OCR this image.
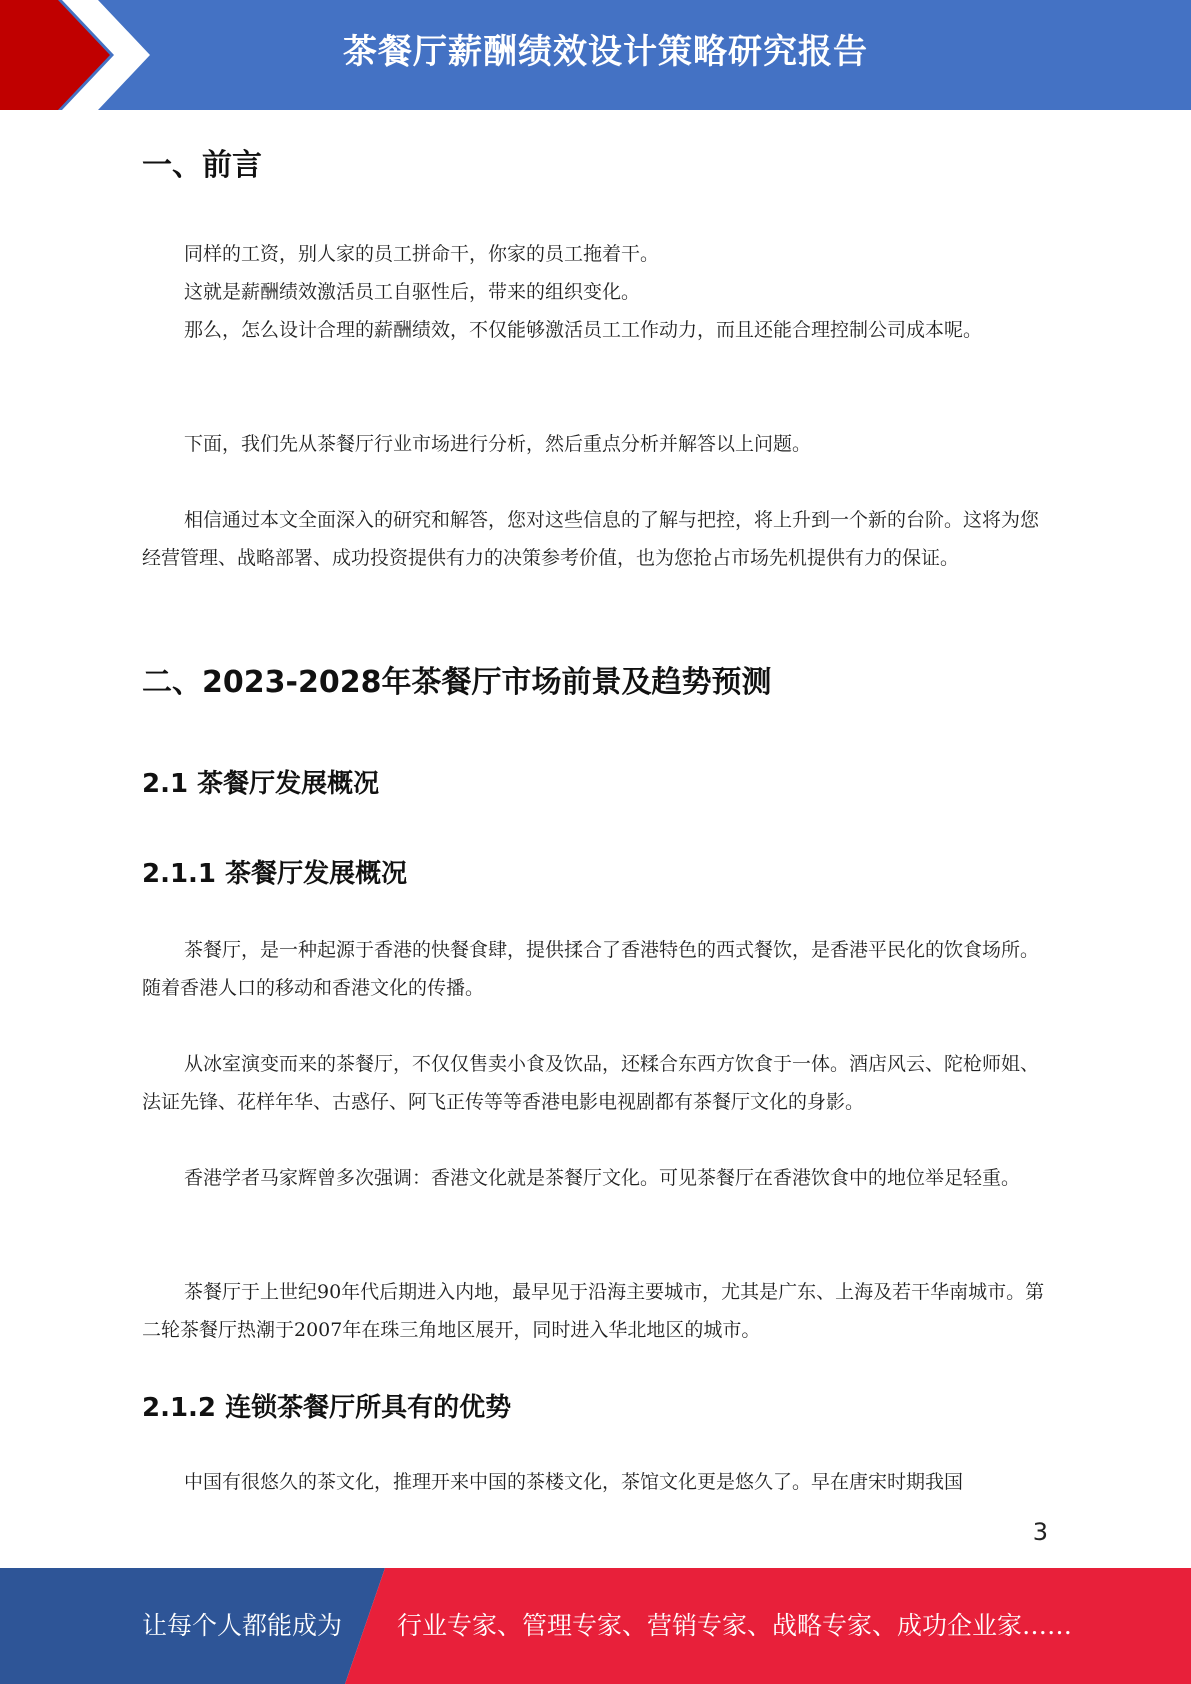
茶餐厅薪酬绩效设计策略研究报告
一、前言

同样的工资，别人家的员工拼命干，你家的员工拖着干。

这就是薪酬绩效激活员工自驱性后，带来的组织变化。

那么，怎么设计合理的薪酬绩效，不仅能够激活员工工作动力，而且还能合理控制公司成本呢。

下面，我们先从茶餐厅行业市场进行分析，然后重点分析并解答以上问题。

相信通过本文全面深入的研究和解答，您对这些信息的了解与把控，将上升到一个新的台阶。这将为您经营管理、战略部署、成功投资提供有力的决策参考价值，也为您抢占市场先机提供有力的保证。

二、2023-2028年茶餐厅市场前景及趋势预测
2.1 茶餐厅发展概况
2.1.1 茶餐厅发展概况

茶餐厅，是一种起源于香港的快餐食肆，提供揉合了香港特色的西式餐饮，是香港平民化的饮食场所。随着香港人口的移动和香港文化的传播。

从冰室演变而来的茶餐厅，不仅仅售卖小食及饮品，还糅合东西方饮食于一体。酒店风云、陀枪师姐、法证先锋、花样年华、古惑仔、阿飞正传等等香港电影电视剧都有茶餐厅文化的身影。

香港学者马家辉曾多次强调：香港文化就是茶餐厅文化。可见茶餐厅在香港饮食中的地位举足轻重。

茶餐厅于上世纪90年代后期进入内地，最早见于沿海主要城市，尤其是广东、上海及若干华南城市。第二轮茶餐厅热潮于2007年在珠三角地区展开，同时进入华北地区的城市。

2.1.2 连锁茶餐厅所具有的优势

中国有很悠久的茶文化，推理开来中国的茶楼文化，茶馆文化更是悠久了。早在唐宋时期我国

3
让每个人都能成为 行业专家、管理专家、营销专家、战略专家、成功企业家……
